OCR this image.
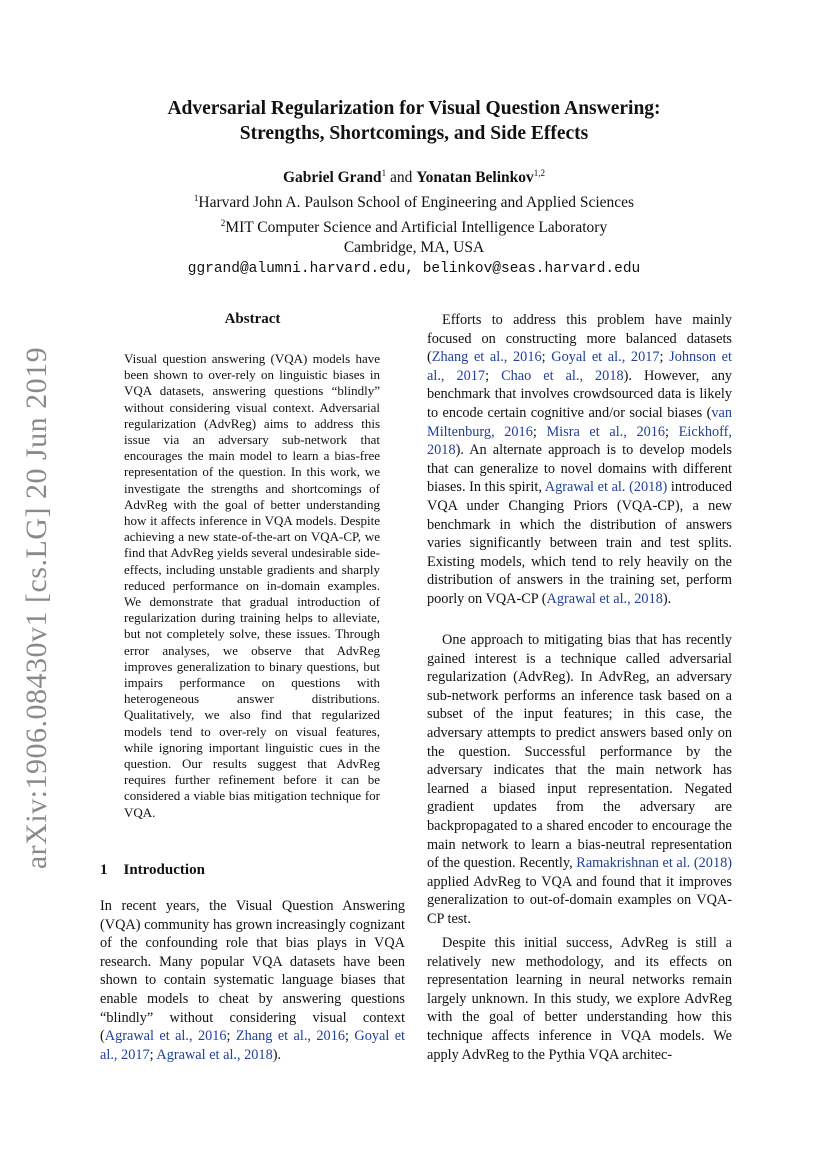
arXiv:1906.08430v1 [cs.LG] 20 Jun 2019
Adversarial Regularization for Visual Question Answering:
Strengths, Shortcomings, and Side Effects
Gabriel Grand$^1$ and Yonatan Belinkov$^{1,2}$
$^1$Harvard John A. Paulson School of Engineering and Applied Sciences
$^2$MIT Computer Science and Artificial Intelligence Laboratory
Cambridge, MA, USA
ggrand@alumni.harvard.edu, belinkov@seas.harvard.edu
Abstract
Visual question answering (VQA) models have been shown to over-rely on linguistic biases in VQA datasets, answering questions “blindly” without considering visual context. Adversarial regularization (AdvReg) aims to address this issue via an adversary sub-network that encourages the main model to learn a bias-free representation of the question. In this work, we investigate the strengths and shortcomings of AdvReg with the goal of better understanding how it affects inference in VQA models. Despite achieving a new state-of-the-art on VQA-CP, we find that AdvReg yields several undesirable side-effects, including unstable gradients and sharply reduced performance on in-domain examples. We demonstrate that gradual introduction of regularization during training helps to alleviate, but not completely solve, these issues. Through error analyses, we observe that AdvReg improves generalization to binary questions, but impairs performance on questions with heterogeneous answer distributions. Qualitatively, we also find that regularized models tend to over-rely on visual features, while ignoring important linguistic cues in the question. Our results suggest that AdvReg requires further refinement before it can be considered a viable bias mitigation technique for VQA.
1 Introduction

In recent years, the Visual Question Answering (VQA) community has grown increasingly cognizant of the confounding role that bias plays in VQA research. Many popular VQA datasets have been shown to contain systematic language biases that enable models to cheat by answering questions “blindly” without considering visual context (Agrawal et al., 2016; Zhang et al., 2016; Goyal et al., 2017; Agrawal et al., 2018).

Efforts to address this problem have mainly focused on constructing more balanced datasets (Zhang et al., 2016; Goyal et al., 2017; Johnson et al., 2017; Chao et al., 2018). However, any benchmark that involves crowdsourced data is likely to encode certain cognitive and/or social biases (van Miltenburg, 2016; Misra et al., 2016; Eickhoff, 2018). An alternate approach is to develop models that can generalize to novel domains with different biases. In this spirit, Agrawal et al. (2018) introduced VQA under Changing Priors (VQA-CP), a new benchmark in which the distribution of answers varies significantly between train and test splits. Existing models, which tend to rely heavily on the distribution of answers in the training set, perform poorly on VQA-CP (Agrawal et al., 2018).

One approach to mitigating bias that has recently gained interest is a technique called adversarial regularization (AdvReg). In AdvReg, an adversary sub-network performs an inference task based on a subset of the input features; in this case, the adversary attempts to predict answers based only on the question. Successful performance by the adversary indicates that the main network has learned a biased input representation. Negated gradient updates from the adversary are backpropagated to a shared encoder to encourage the main network to learn a bias-neutral representation of the question. Recently, Ramakrishnan et al. (2018) applied AdvReg to VQA and found that it improves generalization to out-of-domain examples on VQA-CP test.

Despite this initial success, AdvReg is still a relatively new methodology, and its effects on representation learning in neural networks remain largely unknown. In this study, we explore AdvReg with the goal of better understanding how this technique affects inference in VQA models. We apply AdvReg to the Pythia VQA architec-
